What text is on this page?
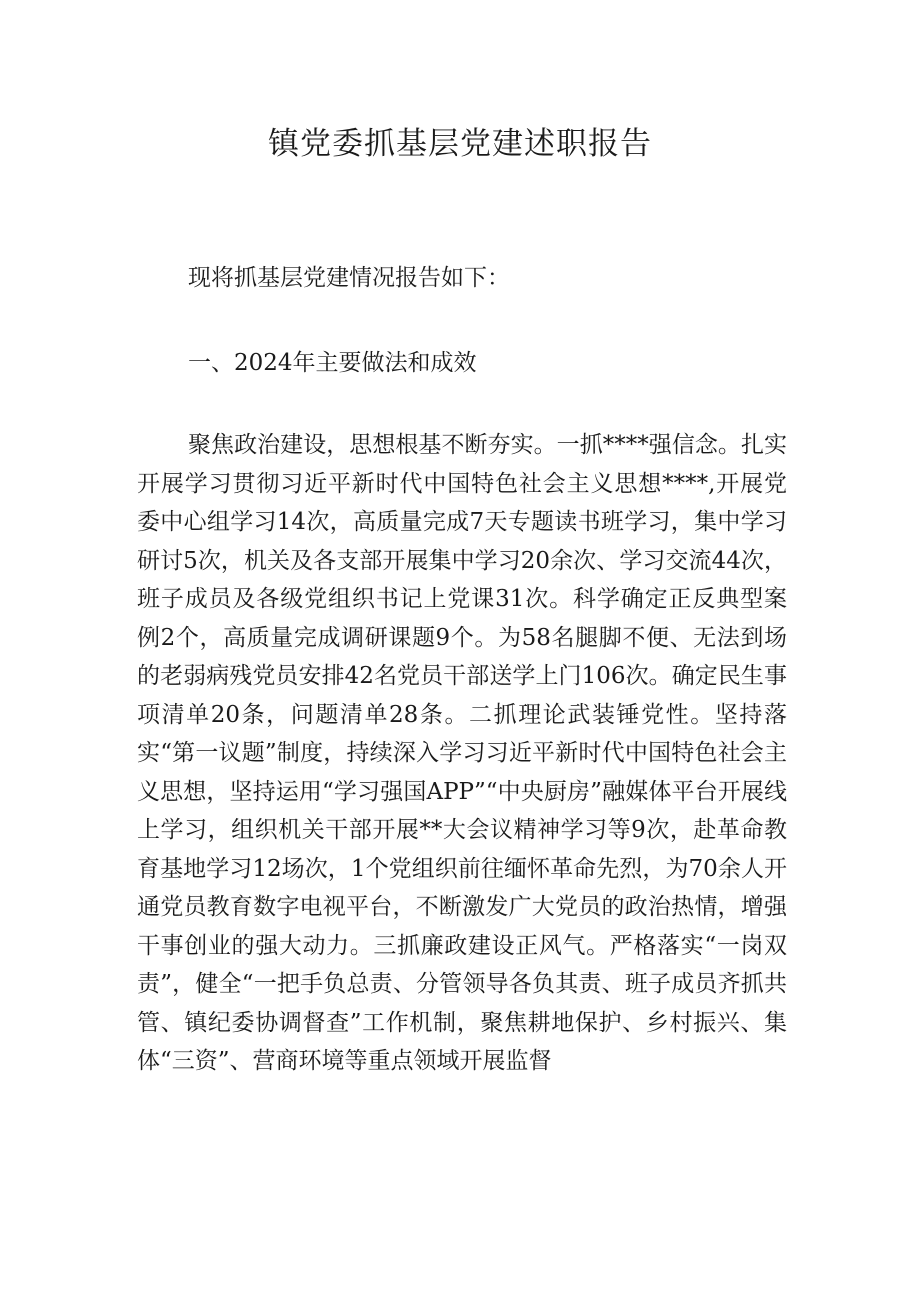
镇党委抓基层党建述职报告
现将抓基层党建情况报告如下：
一、2024年主要做法和成效
聚焦政治建设，思想根基不断夯实。一抓****强信念。扎实开展学习贯彻习近平新时代中国特色社会主义思想****,开展党委中心组学习14次，高质量完成7天专题读书班学习，集中学习研讨5次，机关及各支部开展集中学习20余次、学习交流44次，班子成员及各级党组织书记上党课31次。科学确定正反典型案例2个，高质量完成调研课题9个。为58名腿脚不便、无法到场的老弱病残党员安排42名党员干部送学上门106次。确定民生事项清单20条，问题清单28条。二抓理论武装锤党性。坚持落实“第一议题”制度，持续深入学习习近平新时代中国特色社会主义思想，坚持运用“学习强国APP”“中央厨房”融媒体平台开展线上学习，组织机关干部开展**大会议精神学习等9次，赴革命教育基地学习12场次，1个党组织前往缅怀革命先烈，为70余人开通党员教育数字电视平台，不断激发广大党员的政治热情，增强干事创业的强大动力。三抓廉政建设正风气。严格落实“一岗双责”，健全“一把手负总责、分管领导各负其责、班子成员齐抓共管、镇纪委协调督查”工作机制，聚焦耕地保护、乡村振兴、集体“三资”、营商环境等重点领域开展监督
